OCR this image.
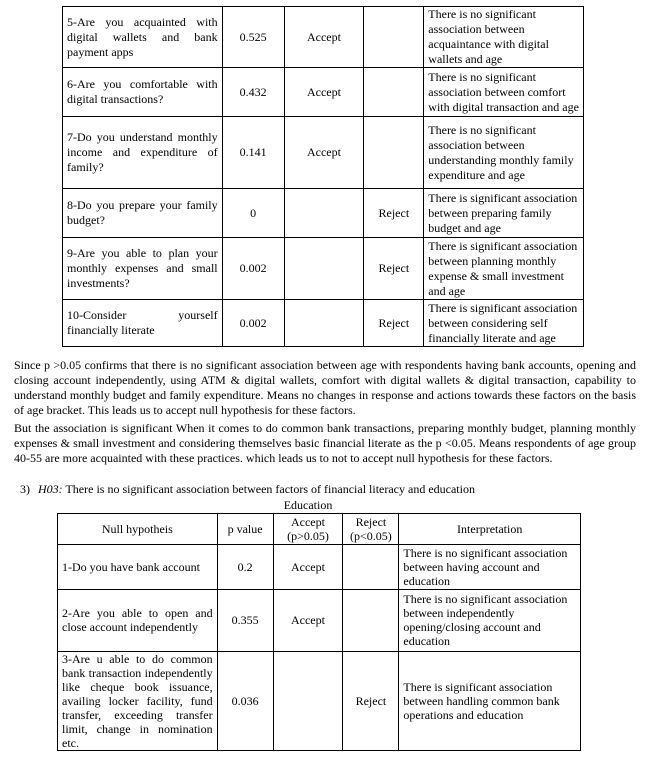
5-Are you acquainted with digital wallets and bank payment apps	0.525	Accept		There is no significant association between acquaintance with digital wallets and age
6-Are you comfortable with digital transactions?	0.432	Accept		There is no significant association between comfort with digital transaction and age
7-Do you understand monthly income and expenditure of family?	0.141	Accept		There is no significant association between understanding monthly family expenditure and age
8-Do you prepare your family budget?	0		Reject	There is significant association between preparing family budget and age
9-Are you able to plan your monthly expenses and small investments?	0.002		Reject	There is significant association between planning monthly expense & small investment and age
10-Consider yourself financially literate	0.002		Reject	There is significant association between considering self financially literate and age

Since p >0.05 confirms that there is no significant association between age with respondents having bank accounts, opening and closing account independently, using ATM & digital wallets, comfort with digital wallets & digital transaction, capability to understand monthly budget and family expenditure. Means no changes in response and actions towards these factors on the basis of age bracket. This leads us to accept null hypothesis for these factors.

But the association is significant When it comes to do common bank transactions, preparing monthly budget, planning monthly expenses & small investment and considering themselves basic financial literate as the p <0.05. Means respondents of age group 40-55 are more acquainted with these practices. which leads us to not to accept null hypothesis for these factors.

3) H03: There is no significant association between factors of financial literacy and education

	Education			
Null hypotheis	p value	Accept (p>0.05)	Reject (p<0.05)	Interpretation
1-Do you have bank account	0.2	Accept		There is no significant association between having account and education
2-Are you able to open and close account independently	0.355	Accept		There is no significant association between independently opening/closing account and education
3-Are u able to do common bank transaction independently like cheque book issuance, availing locker facility, fund transfer, exceeding transfer limit, change in nomination etc.	0.036		Reject	There is significant association between handling common bank operations and education
